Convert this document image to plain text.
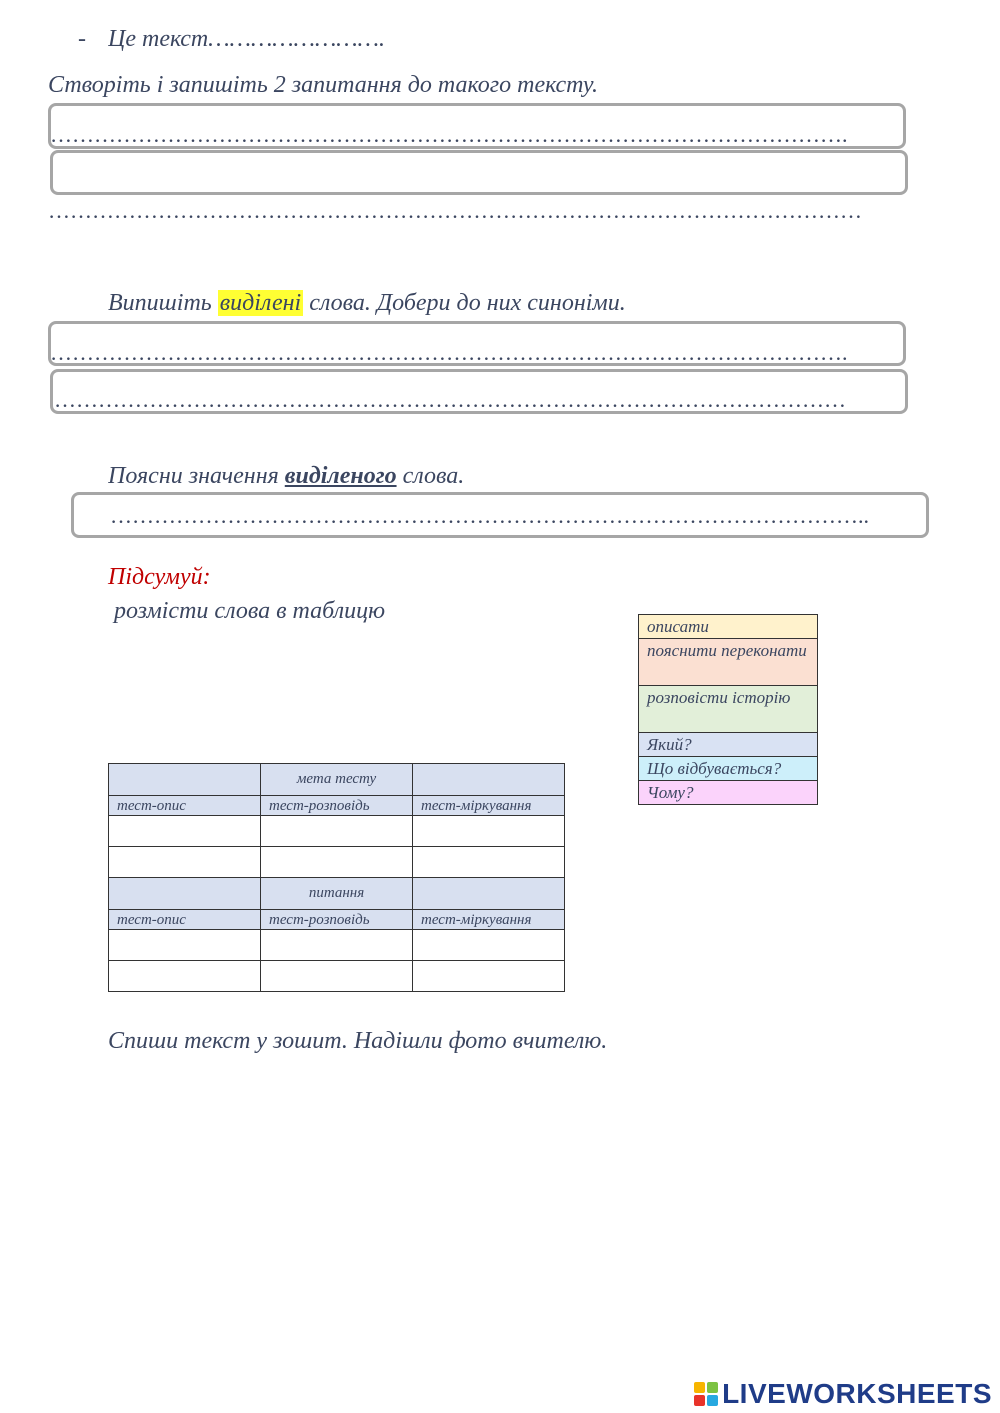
- Це текст…………………….
Створіть і запишіть 2 запитання до такого тексту.
……………………………………………………………………………………………….
…………………………………………………………………………………………………
Випишіть виділені слова. Добери до них синоніми.
……………………………………………………………………………………………….
………………………………………………………………………………………………
Поясни значення виділеного слова.
…………………………………………………………………………………………..
Підсумуй:
розмісти слова в таблицю
описати
пояснити переконати
розповісти історію
Який?
Що відбувається?
Чому?
	мета тесту	
тест-опис	тест-розповідь	тест-міркування

	питання	
тест-опис	тест-розповідь	тест-міркування

Спиши текст у зошит. Надішли фото вчителю.
LIVEWORKSHEETS
